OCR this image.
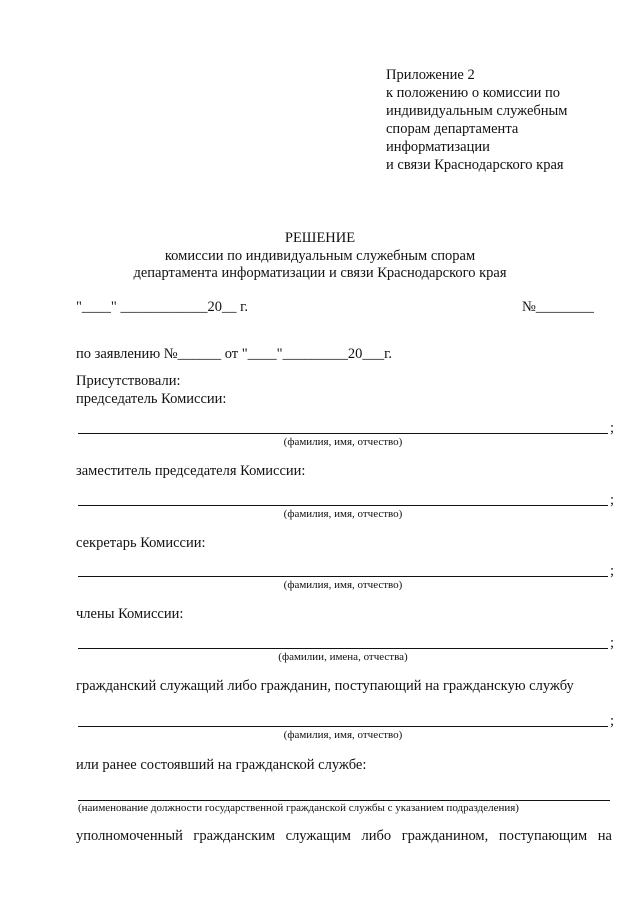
Приложение 2
к положению о комиссии по
индивидуальным служебным
спорам департамента
информатизации
и связи Краснодарского края
РЕШЕНИЕ
комиссии по индивидуальным служебным спорам
департамента информатизации и связи Краснодарского края
"____" ____________20__ г.	№________
по заявлению №______ от "____"_________20___г.
Присутствовали:
председатель Комиссии:
;
(фамилия, имя, отчество)
заместитель председателя Комиссии:
;
(фамилия, имя, отчество)
секретарь Комиссии:
;
(фамилия, имя, отчество)
члены Комиссии:
;
(фамилии, имена, отчества)
гражданский служащий либо гражданин, поступающий на гражданскую службу
;
(фамилия, имя, отчество)
или ранее состоявший на гражданской службе:
(наименование должности государственной гражданской службы с указанием подразделения)
уполномоченный гражданским служащим либо гражданином, поступающим на
